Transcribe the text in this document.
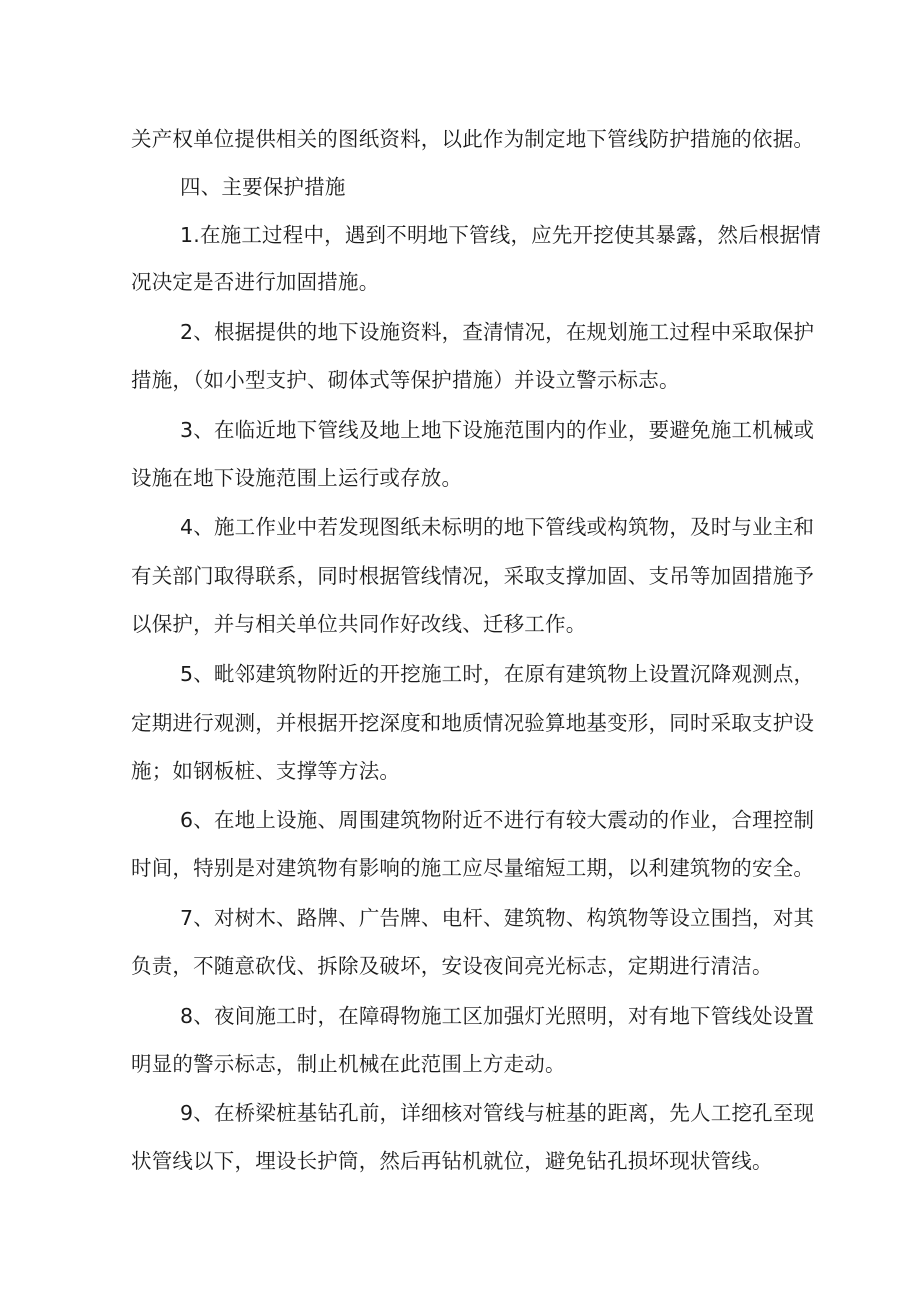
关产权单位提供相关的图纸资料，以此作为制定地下管线防护措施的依据。
四、主要保护措施
1.在施工过程中，遇到不明地下管线，应先开挖使其暴露，然后根据情
况决定是否进行加固措施。
2、根据提供的地下设施资料，查清情况，在规划施工过程中采取保护
措施，（如小型支护、砌体式等保护措施）并设立警示标志。
3、在临近地下管线及地上地下设施范围内的作业，要避免施工机械或
设施在地下设施范围上运行或存放。
4、施工作业中若发现图纸未标明的地下管线或构筑物，及时与业主和
有关部门取得联系，同时根据管线情况，采取支撑加固、支吊等加固措施予
以保护，并与相关单位共同作好改线、迁移工作。
5、毗邻建筑物附近的开挖施工时，在原有建筑物上设置沉降观测点，
定期进行观测，并根据开挖深度和地质情况验算地基变形，同时采取支护设
施；如钢板桩、支撑等方法。
6、在地上设施、周围建筑物附近不进行有较大震动的作业，合理控制
时间，特别是对建筑物有影响的施工应尽量缩短工期，以利建筑物的安全。
7、对树木、路牌、广告牌、电杆、建筑物、构筑物等设立围挡，对其
负责，不随意砍伐、拆除及破坏，安设夜间亮光标志，定期进行清洁。
8、夜间施工时，在障碍物施工区加强灯光照明，对有地下管线处设置
明显的警示标志，制止机械在此范围上方走动。
9、在桥梁桩基钻孔前，详细核对管线与桩基的距离，先人工挖孔至现
状管线以下，埋设长护筒，然后再钻机就位，避免钻孔损坏现状管线。
